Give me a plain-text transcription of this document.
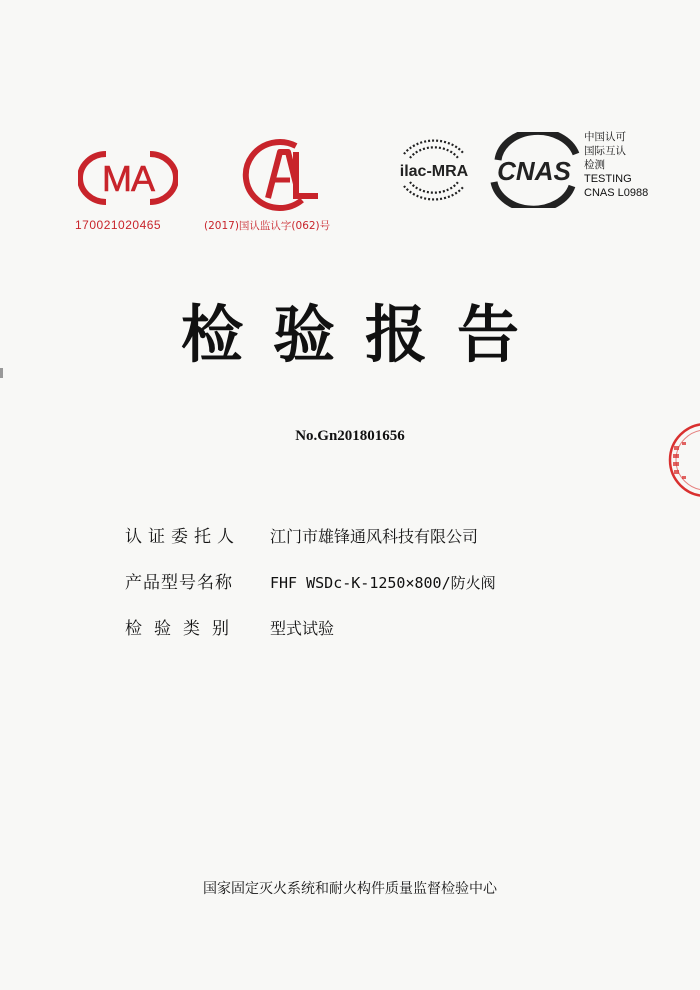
MA
170021020465	(2017)国认监认字(062)号
ilac-MRA CNAS
中国认可
国际互认
检测
TESTING
CNAS L0988
检验报告
No.Gn201801656
认证委托人	江门市雄锋通风科技有限公司
产品型号名称	FHF WSDc-K-1250×800/防火阀
检验类别	型式试验
国家固定灭火系统和耐火构件质量监督检验中心
